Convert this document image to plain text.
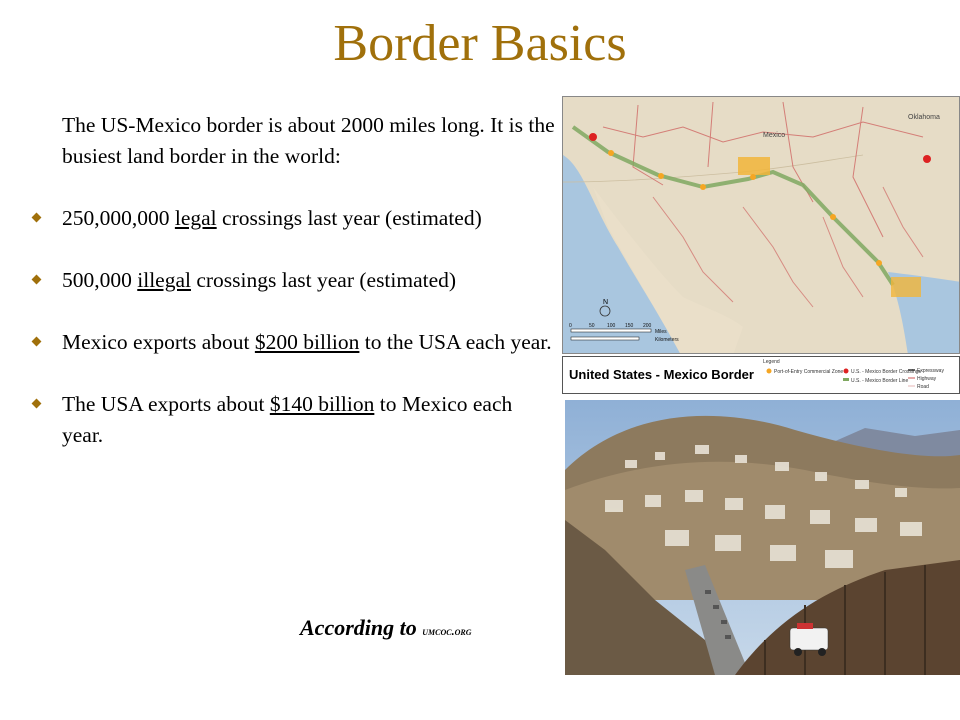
Border Basics
The US-Mexico border is about 2000 miles long. It is the busiest land border in the world:
250,000,000 legal crossings last year (estimated)
500,000 illegal crossings last year (estimated)
Mexico exports about $200 billion to the USA each year.
The USA exports about $140 billion to Mexico each year.
According to umcoc.org
Oklahoma
Mexico
N
0	50 100 150 200
Miles
Kilometers
United States - Mexico Border
Legend
Port-of-Entry Commercial Zone U.S. - Mexico Border Crossings
U.S. - Mexico Border Line
Expressway
Highway
Road
